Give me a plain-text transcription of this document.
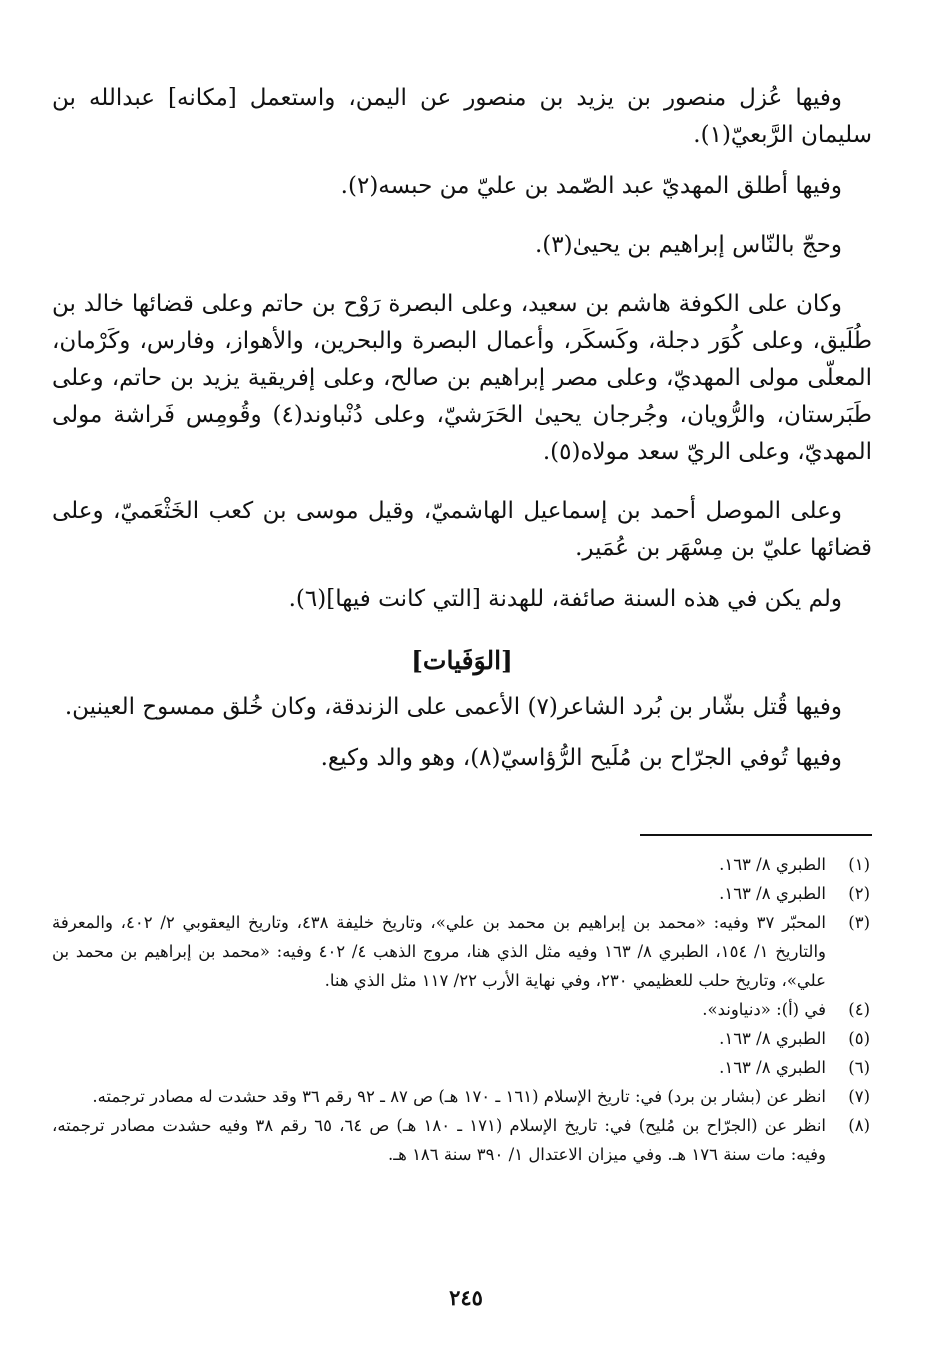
وفيها عُزل منصور بن يزيد بن منصور عن اليمن، واستعمل [مكانه] عبدالله بن سليمان الرَّبعيّ(١).

وفيها أطلق المهديّ عبد الصّمد بن عليّ من حبسه(٢).

وحجّ بالنّاس إبراهيم بن يحيىٰ(٣).

وكان على الكوفة هاشم بن سعيد، وعلى البصرة رَوْح بن حاتم وعلى قضائها خالد بن طُلَيق، وعلى كُوَر دجلة، وكَسكَر، وأعمال البصرة والبحرين، والأهواز، وفارس، وكَرْمان، المعلّى مولى المهديّ، وعلى مصر إبراهيم بن صالح، وعلى إفريقية يزيد بن حاتم، وعلى طَبَرستان، والرُّويان، وجُرجان يحيىٰ الحَرَشيّ، وعلى دُنْباوند(٤) وقُومِس فَراشة مولى المهديّ، وعلى الريّ سعد مولاه(٥).

وعلى الموصل أحمد بن إسماعيل الهاشميّ، وقيل موسى بن كعب الخَثْعَميّ، وعلى قضائها عليّ بن مِسْهَر بن عُمَير.

ولم يكن في هذه السنة صائفة، للهدنة [التي كانت فيها](٦).

[الوَفَيات]

وفيها قُتل بشّار بن بُرد الشاعر(٧) الأعمى على الزندقة، وكان خُلق ممسوح العينين.

وفيها تُوفي الجرّاح بن مُلَيح الرُّؤاسيّ(٨)، وهو والد وكيع.

(١)
الطبري ٨/ ١٦٣.
(٢)
الطبري ٨/ ١٦٣.
(٣)
المحبّر ٣٧ وفيه: «محمد بن إبراهيم بن محمد بن علي»، وتاريخ خليفة ٤٣٨، وتاريخ اليعقوبي ٢/ ٤٠٢، والمعرفة والتاريخ ١/ ١٥٤، الطبري ٨/ ١٦٣ وفيه مثل الذي هنا، مروج الذهب ٤/ ٤٠٢ وفيه: «محمد بن إبراهيم بن محمد بن علي»، وتاريخ حلب للعظيمي ٢٣٠، وفي نهاية الأرب ٢٢/ ١١٧ مثل الذي هنا.
(٤)
في (أ): «دنياوند».
(٥)
الطبري ٨/ ١٦٣.
(٦)
الطبري ٨/ ١٦٣.
(٧)
انظر عن (بشار بن برد) في: تاريخ الإسلام (١٦١ ـ ١٧٠ هـ) ص ٨٧ ـ ٩٢ رقم ٣٦ وقد حشدت له مصادر ترجمته.
(٨)
انظر عن (الجرّاح بن مُليح) في: تاريخ الإسلام (١٧١ ـ ١٨٠ هـ) ص ٦٤، ٦٥ رقم ٣٨ وفيه حشدت مصادر ترجمته، وفيه: مات سنة ١٧٦ هـ. وفي ميزان الاعتدال ١/ ٣٩٠ سنة ١٨٦ هـ.
٢٤٥
